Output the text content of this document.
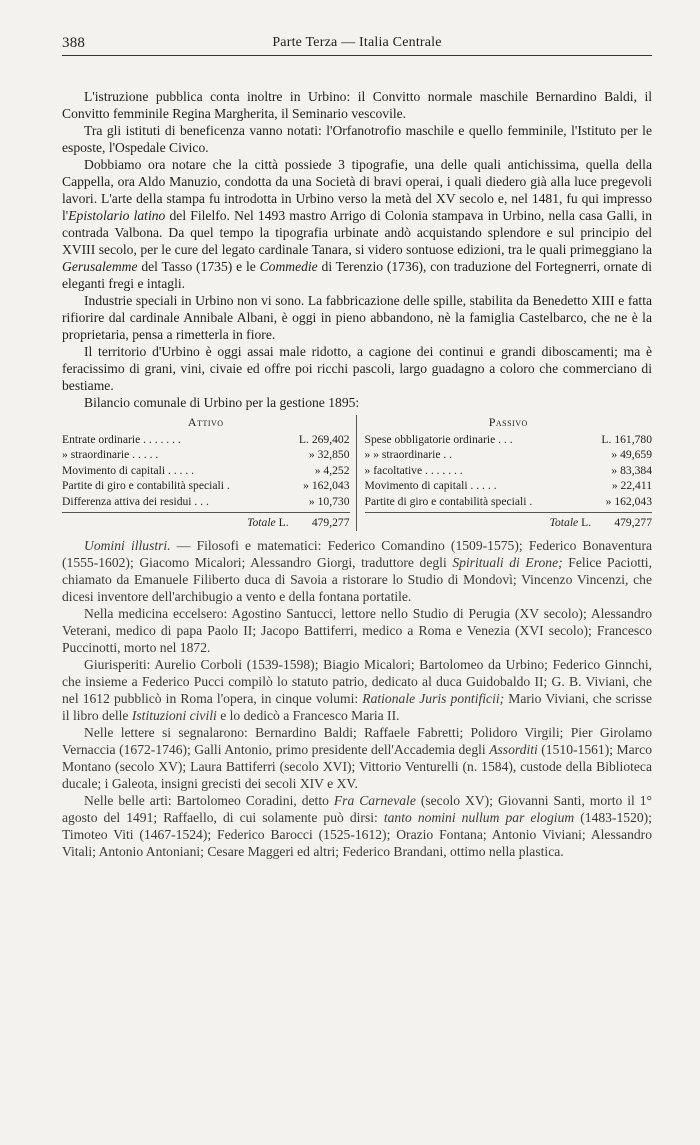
388	Parte Terza — Italia Centrale

L'istruzione pubblica conta inoltre in Urbino: il Convitto normale maschile Bernardino Baldi, il Convitto femminile Regina Margherita, il Seminario vescovile.

Tra gli istituti di beneficenza vanno notati: l'Orfanotrofio maschile e quello femminile, l'Istituto per le esposte, l'Ospedale Civico.

Dobbiamo ora notare che la città possiede 3 tipografie, una delle quali antichissima, quella della Cappella, ora Aldo Manuzio, condotta da una Società di bravi operai, i quali diedero già alla luce pregevoli lavori. L'arte della stampa fu introdotta in Urbino verso la metà del XV secolo e, nel 1481, fu qui impresso l'Epistolario latino del Filelfo. Nel 1493 mastro Arrigo di Colonia stampava in Urbino, nella casa Galli, in contrada Valbona. Da quel tempo la tipografia urbinate andò acquistando splendore e sul principio del XVIII secolo, per le cure del legato cardinale Tanara, si videro sontuose edizioni, tra le quali primeggiano la Gerusalemme del Tasso (1735) e le Commedie di Terenzio (1736), con traduzione del Fortegnerri, ornate di eleganti fregi e intagli.

Industrie speciali in Urbino non vi sono. La fabbricazione delle spille, stabilita da Benedetto XIII e fatta rifiorire dal cardinale Annibale Albani, è oggi in pieno abbandono, nè la famiglia Castelbarco, che ne è la proprietaria, pensa a rimetterla in fiore.

Il territorio d'Urbino è oggi assai male ridotto, a cagione dei continui e grandi diboscamenti; ma è feracissimo di grani, vini, civaie ed offre poi ricchi pascoli, largo guadagno a coloro che commerciano di bestiame.

Bilancio comunale di Urbino per la gestione 1895:

Attivo
Entrate ordinarie . . . . . . .	L. 269,402
» straordinarie . . . . .	» 32,850
Movimento di capitali . . . . .	» 4,252
Partite di giro e contabilità speciali .	» 162,043
Differenza attiva dei residui . . .	» 10,730
Totale L. 479,277
Passivo
Spese obbligatorie ordinarie . . .	L. 161,780
» » straordinarie . .	» 49,659
» facoltative . . . . . . .	» 83,384
Movimento di capitali . . . . .	» 22,411
Partite di giro e contabilità speciali .	» 162,043
Totale L. 479,277

Uomini illustri. — Filosofi e matematici: Federico Comandino (1509-1575); Federico Bonaventura (1555-1602); Giacomo Micalori; Alessandro Giorgi, traduttore degli Spirituali di Erone; Felice Paciotti, chiamato da Emanuele Filiberto duca di Savoia a ristorare lo Studio di Mondovì; Vincenzo Vincenzi, che dicesi inventore dell'archibugio a vento e della fontana portatile.

Nella medicina eccelsero: Agostino Santucci, lettore nello Studio di Perugia (XV secolo); Alessandro Veterani, medico di papa Paolo II; Jacopo Battiferri, medico a Roma e Venezia (XVI secolo); Francesco Puccinotti, morto nel 1872.

Giurisperiti: Aurelio Corboli (1539-1598); Biagio Micalori; Bartolomeo da Urbino; Federico Ginnchi, che insieme a Federico Pucci compilò lo statuto patrio, dedicato al duca Guidobaldo II; G. B. Viviani, che nel 1612 pubblicò in Roma l'opera, in cinque volumi: Rationale Juris pontificii; Mario Viviani, che scrisse il libro delle Istituzioni civili e lo dedicò a Francesco Maria II.

Nelle lettere si segnalarono: Bernardino Baldi; Raffaele Fabretti; Polidoro Virgili; Pier Girolamo Vernaccia (1672-1746); Galli Antonio, primo presidente dell'Accademia degli Assorditi (1510-1561); Marco Montano (secolo XV); Laura Battiferri (secolo XVI); Vittorio Venturelli (n. 1584), custode della Biblioteca ducale; i Galeota, insigni grecisti dei secoli XIV e XV.

Nelle belle arti: Bartolomeo Coradini, detto Fra Carnevale (secolo XV); Giovanni Santi, morto il 1° agosto del 1491; Raffaello, di cui solamente può dirsi: tanto nomini nullum par elogium (1483-1520); Timoteo Viti (1467-1524); Federico Barocci (1525-1612); Orazio Fontana; Antonio Viviani; Alessandro Vitali; Antonio Antoniani; Cesare Maggeri ed altri; Federico Brandani, ottimo nella plastica.
